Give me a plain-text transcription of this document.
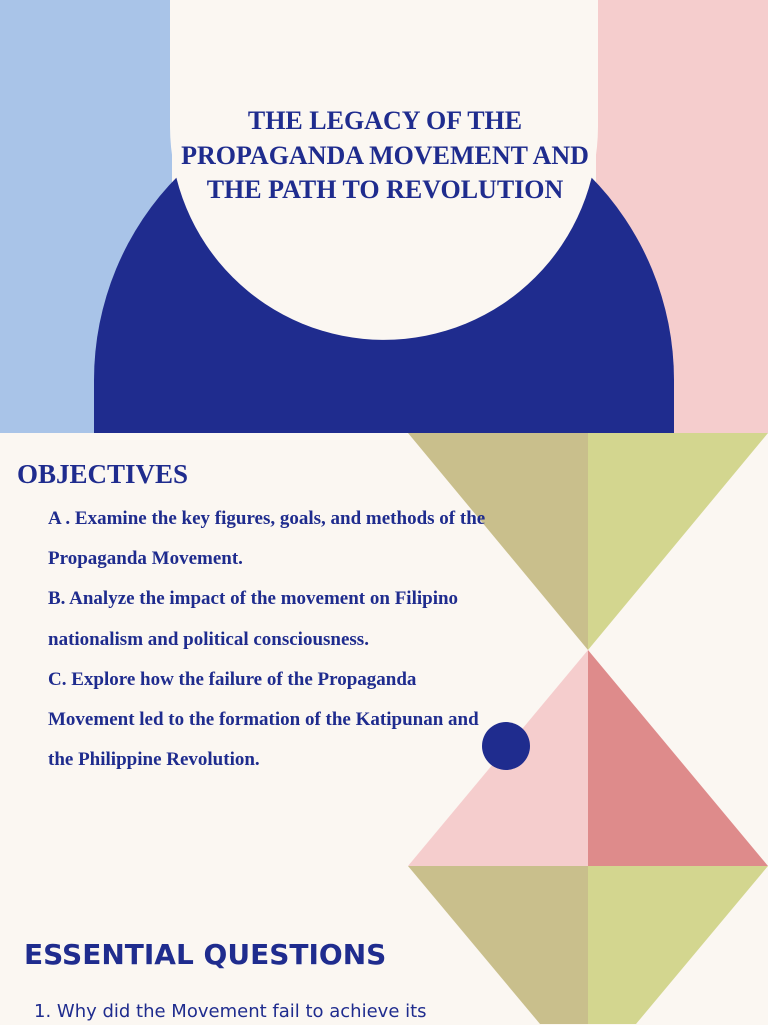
THE LEGACY OF THE PROPAGANDA MOVEMENT AND THE PATH TO REVOLUTION
OBJECTIVES
A . Examine the key figures, goals, and methods of the Propaganda Movement.
B. Analyze the impact of the movement on Filipino nationalism and political consciousness.
C. Explore how the failure of the Propaganda Movement led to the formation of the Katipunan and the Philippine Revolution.
ESSENTIAL QUESTIONS
1. Why did the Movement fail to achieve its
